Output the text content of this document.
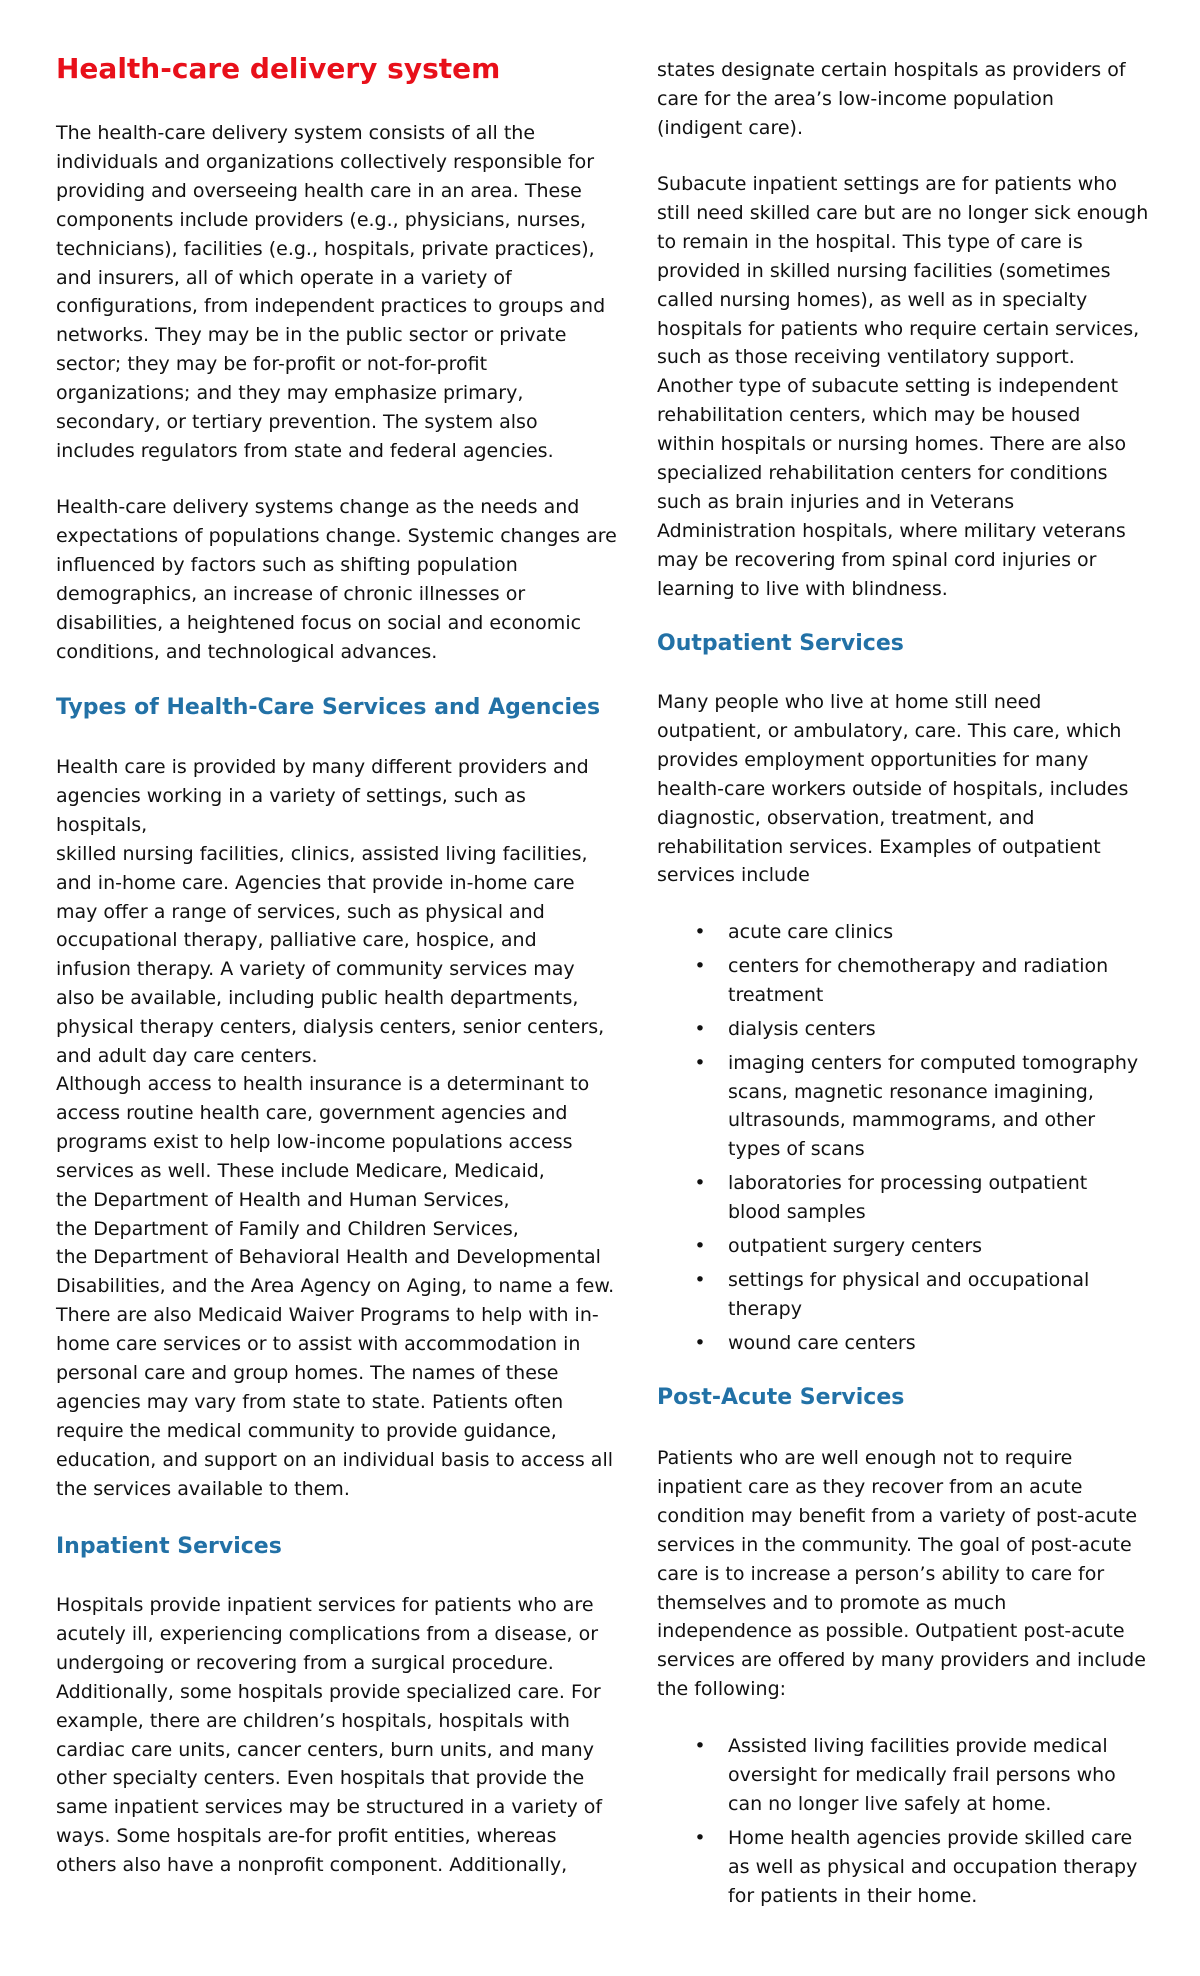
Health-care delivery system

The health-care delivery system consists of all the
individuals and organizations collectively responsible for
providing and overseeing health care in an area. These
components include providers (e.g., physicians, nurses,
technicians), facilities (e.g., hospitals, private practices),
and insurers, all of which operate in a variety of
configurations, from independent practices to groups and
networks. They may be in the public sector or private
sector; they may be for-profit or not-for-profit
organizations; and they may emphasize primary,
secondary, or tertiary prevention. The system also
includes regulators from state and federal agencies.

Health-care delivery systems change as the needs and
expectations of populations change. Systemic changes are
influenced by factors such as shifting population
demographics, an increase of chronic illnesses or
disabilities, a heightened focus on social and economic
conditions, and technological advances.

Types of Health-Care Services and Agencies

Health care is provided by many different providers and
agencies working in a variety of settings, such as hospitals,
skilled nursing facilities, clinics, assisted living facilities,
and in-home care. Agencies that provide in-home care
may offer a range of services, such as physical and
occupational therapy, palliative care, hospice, and
infusion therapy. A variety of community services may
also be available, including public health departments,
physical therapy centers, dialysis centers, senior centers,
and adult day care centers.

Although access to health insurance is a determinant to
access routine health care, government agencies and
programs exist to help low-income populations access
services as well. These include Medicare, Medicaid,
the Department of Health and Human Services,
the Department of Family and Children Services,
the Department of Behavioral Health and Developmental
Disabilities, and the Area Agency on Aging, to name a few.
There are also Medicaid Waiver Programs to help with in-
home care services or to assist with accommodation in
personal care and group homes. The names of these
agencies may vary from state to state. Patients often
require the medical community to provide guidance,
education, and support on an individual basis to access all
the services available to them.

Inpatient Services

Hospitals provide inpatient services for patients who are
acutely ill, experiencing complications from a disease, or
undergoing or recovering from a surgical procedure.
Additionally, some hospitals provide specialized care. For
example, there are children’s hospitals, hospitals with
cardiac care units, cancer centers, burn units, and many
other specialty centers. Even hospitals that provide the
same inpatient services may be structured in a variety of
ways. Some hospitals are-for profit entities, whereas
others also have a nonprofit component. Additionally,

states designate certain hospitals as providers of
care for the area’s low-income population
(indigent care).

Subacute inpatient settings are for patients who
still need skilled care but are no longer sick enough
to remain in the hospital. This type of care is
provided in skilled nursing facilities (sometimes
called nursing homes), as well as in specialty
hospitals for patients who require certain services,
such as those receiving ventilatory support.
Another type of subacute setting is independent
rehabilitation centers, which may be housed
within hospitals or nursing homes. There are also
specialized rehabilitation centers for conditions
such as brain injuries and in Veterans
Administration hospitals, where military veterans
may be recovering from spinal cord injuries or
learning to live with blindness.

Outpatient Services

Many people who live at home still need
outpatient, or ambulatory, care. This care, which
provides employment opportunities for many
health-care workers outside of hospitals, includes
diagnostic, observation, treatment, and
rehabilitation services. Examples of outpatient
services include

• acute care clinics
• centers for chemotherapy and radiation
treatment
• dialysis centers
• imaging centers for computed tomography
scans, magnetic resonance imagining,
ultrasounds, mammograms, and other
types of scans
• laboratories for processing outpatient
blood samples
• outpatient surgery centers
• settings for physical and occupational
therapy
• wound care centers
Post-Acute Services

Patients who are well enough not to require
inpatient care as they recover from an acute
condition may benefit from a variety of post-acute
services in the community. The goal of post-acute
care is to increase a person’s ability to care for
themselves and to promote as much
independence as possible. Outpatient post-acute
services are offered by many providers and include
the following:

• Assisted living facilities provide medical
oversight for medically frail persons who
can no longer live safely at home.
• Home health agencies provide skilled care
as well as physical and occupation therapy
for patients in their home.
